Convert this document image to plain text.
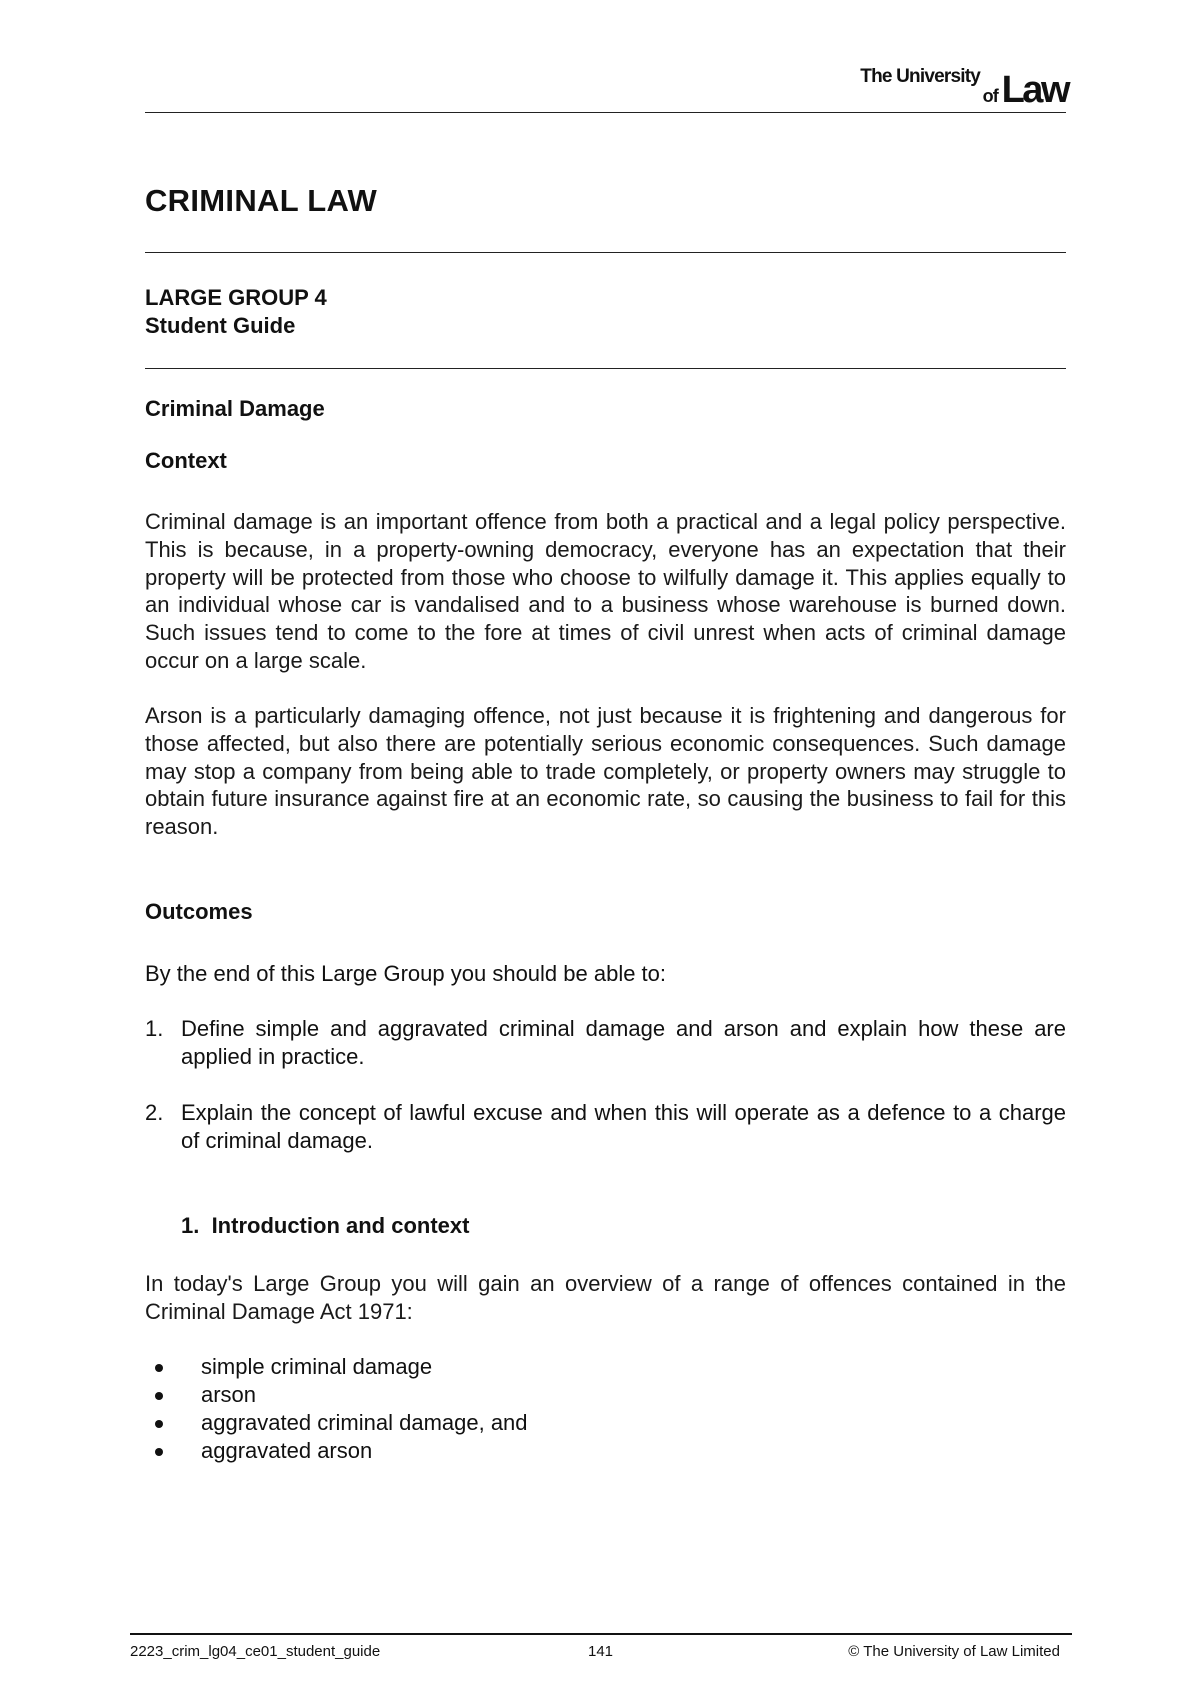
The University
of Law
CRIMINAL LAW
LARGE GROUP 4
Student Guide
Criminal Damage
Context
Criminal damage is an important offence from both a practical and a legal policy perspective. This is because, in a property-owning democracy, everyone has an expectation that their property will be protected from those who choose to wilfully damage it. This applies equally to an individual whose car is vandalised and to a business whose warehouse is burned down. Such issues tend to come to the fore at times of civil unrest when acts of criminal damage occur on a large scale.
Arson is a particularly damaging offence, not just because it is frightening and dangerous for those affected, but also there are potentially serious economic consequences. Such damage may stop a company from being able to trade completely, or property owners may struggle to obtain future insurance against fire at an economic rate, so causing the business to fail for this reason.
Outcomes
By the end of this Large Group you should be able to:
1. Define simple and aggravated criminal damage and arson and explain how these are applied in practice.
2. Explain the concept of lawful excuse and when this will operate as a defence to a charge of criminal damage.
1.  Introduction and context
In today's Large Group you will gain an overview of a range of offences contained in the Criminal Damage Act 1971:
simple criminal damage
arson
aggravated criminal damage, and
aggravated arson
2223_crim_lg04_ce01_student_guide	141	© The University of Law Limited
